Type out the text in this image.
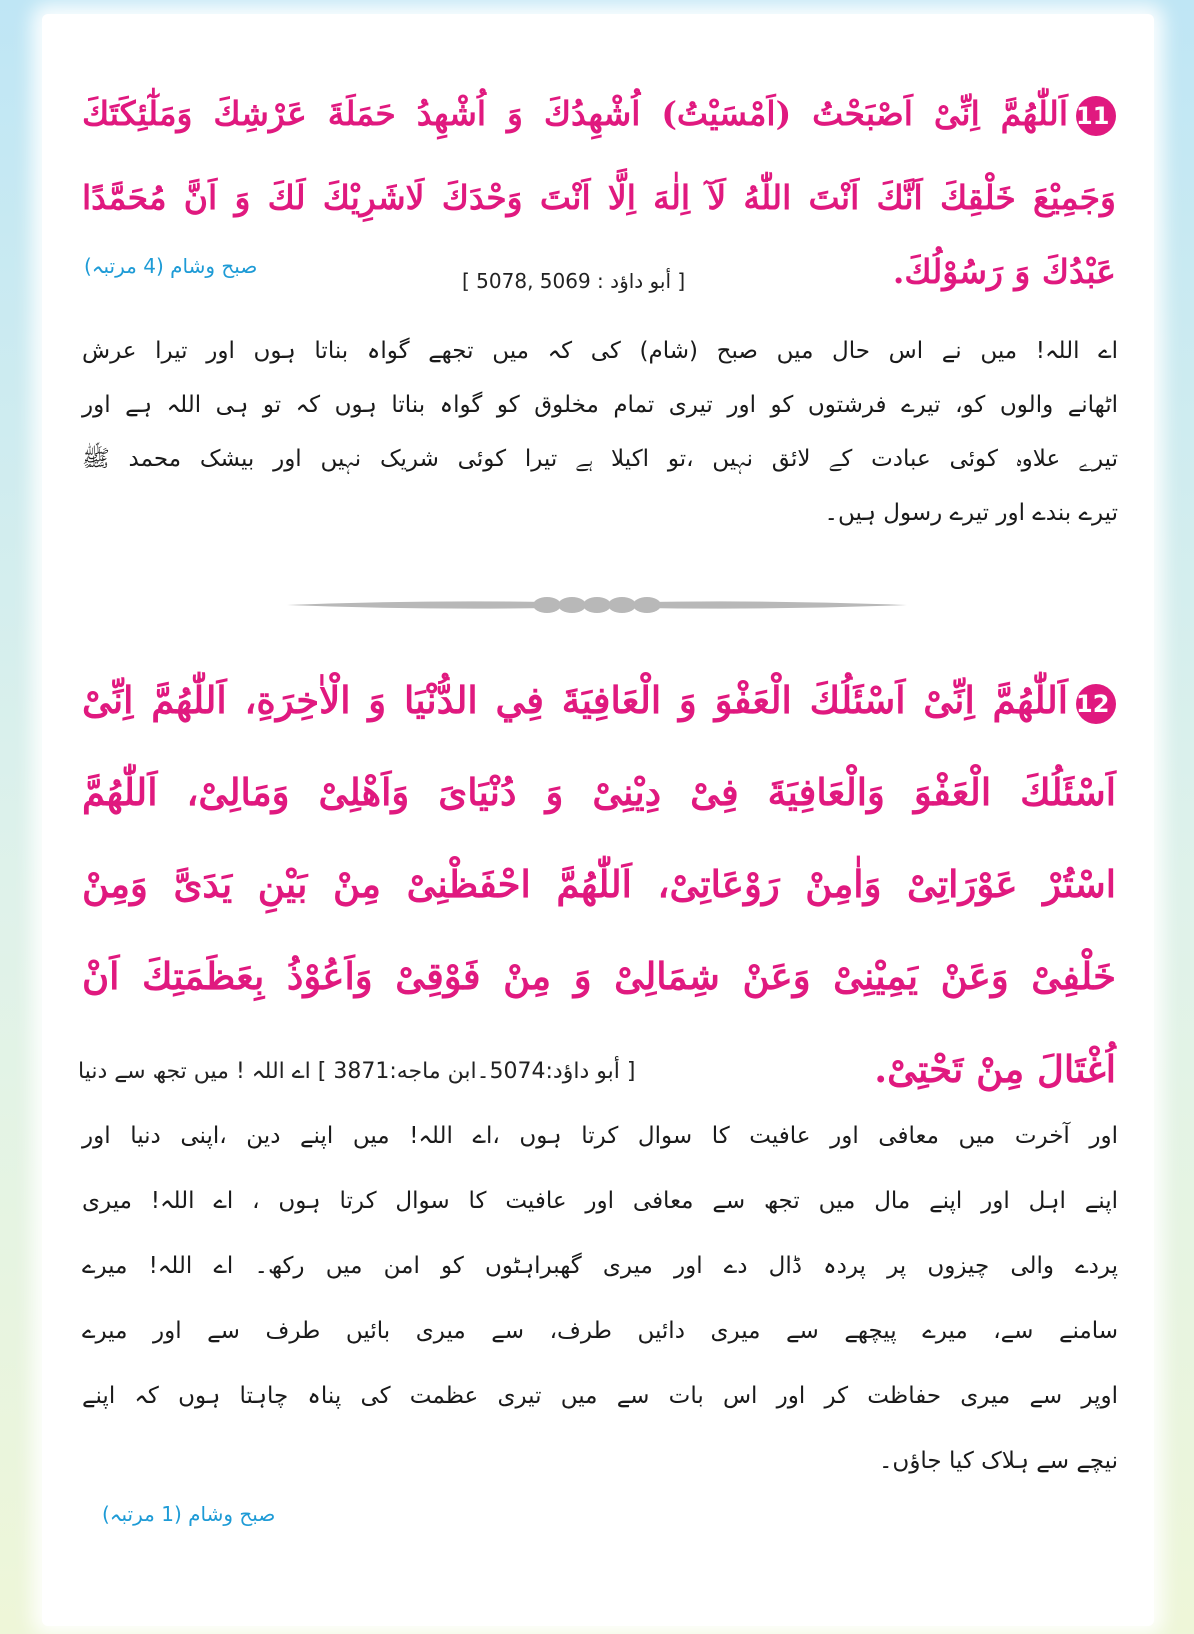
11اَللّٰهُمَّ اِنِّیْ اَصْبَحْتُ (اَمْسَيْتُ) اُشْهِدُكَ وَ اُشْهِدُ حَمَلَةَ عَرْشِكَ وَمَلٰٓئِكَتَكَ
وَجَمِيْعَ خَلْقِكَ اَنَّكَ اَنْتَ اللّٰهُ لَآ اِلٰهَ اِلَّا اَنْتَ وَحْدَكَ لَاشَرِيْكَ لَكَ وَ اَنَّ مُحَمَّدًا
عَبْدُكَ وَ رَسُوْلُكَ.
[ أبو داؤد : 5069 ,5078 ]
صبح وشام (4 مرتبہ)
اے اللہ! میں نے اس حال میں صبح (شام) کی کہ میں تجھے گواہ بناتا ہوں اور تیرا عرش
اٹھانے والوں کو، تیرے فرشتوں کو اور تیری تمام مخلوق کو گواہ بناتا ہوں کہ تو ہی اللہ ہے اور
تیرے علاوہ کوئی عبادت کے لائق نہیں ،تو اکیلا ہے تیرا کوئی شریک نہیں اور بیشک محمد ﷺ
تیرے بندے اور تیرے رسول ہیں۔
12اَللّٰهُمَّ اِنِّیْ اَسْئَلُكَ الْعَفْوَ وَ الْعَافِيَةَ فِي الدُّنْيَا وَ الْاٰخِرَةِ، اَللّٰهُمَّ اِنِّیْ
اَسْئَلُكَ الْعَفْوَ وَالْعَافِيَةَ فِیْ دِيْنِیْ وَ دُنْيَایَ وَاَهْلِیْ وَمَالِیْ، اَللّٰهُمَّ
اسْتُرْ عَوْرَاتِیْ وَاٰمِنْ رَوْعَاتِیْ، اَللّٰهُمَّ احْفَظْنِیْ مِنْ بَيْنِ يَدَیَّ وَمِنْ
خَلْفِیْ وَعَنْ يَمِيْنِیْ وَعَنْ شِمَالِیْ وَ مِنْ فَوْقِیْ وَاَعُوْذُ بِعَظَمَتِكَ اَنْ
اُغْتَالَ مِنْ تَحْتِیْ.
[ أبو داؤد:5074۔ابن ماجه:3871 ] اے اللہ ! میں تجھ سے دنیا
اور آخرت میں معافی اور عافیت کا سوال کرتا ہوں ،اے اللہ! میں اپنے دین ،اپنی دنیا اور
اپنے اہل اور اپنے مال میں تجھ سے معافی اور عافیت کا سوال کرتا ہوں ، اے اللہ! میری
پردے والی چیزوں پر پردہ ڈال دے اور میری گھبراہٹوں کو امن میں رکھ۔ اے اللہ! میرے
سامنے سے، میرے پیچھے سے میری دائیں طرف، سے میری بائیں طرف سے اور میرے
اوپر سے میری حفاظت کر اور اس بات سے میں تیری عظمت کی پناہ چاہتا ہوں کہ اپنے
نیچے سے ہلاک کیا جاؤں۔
صبح وشام (1 مرتبہ)
